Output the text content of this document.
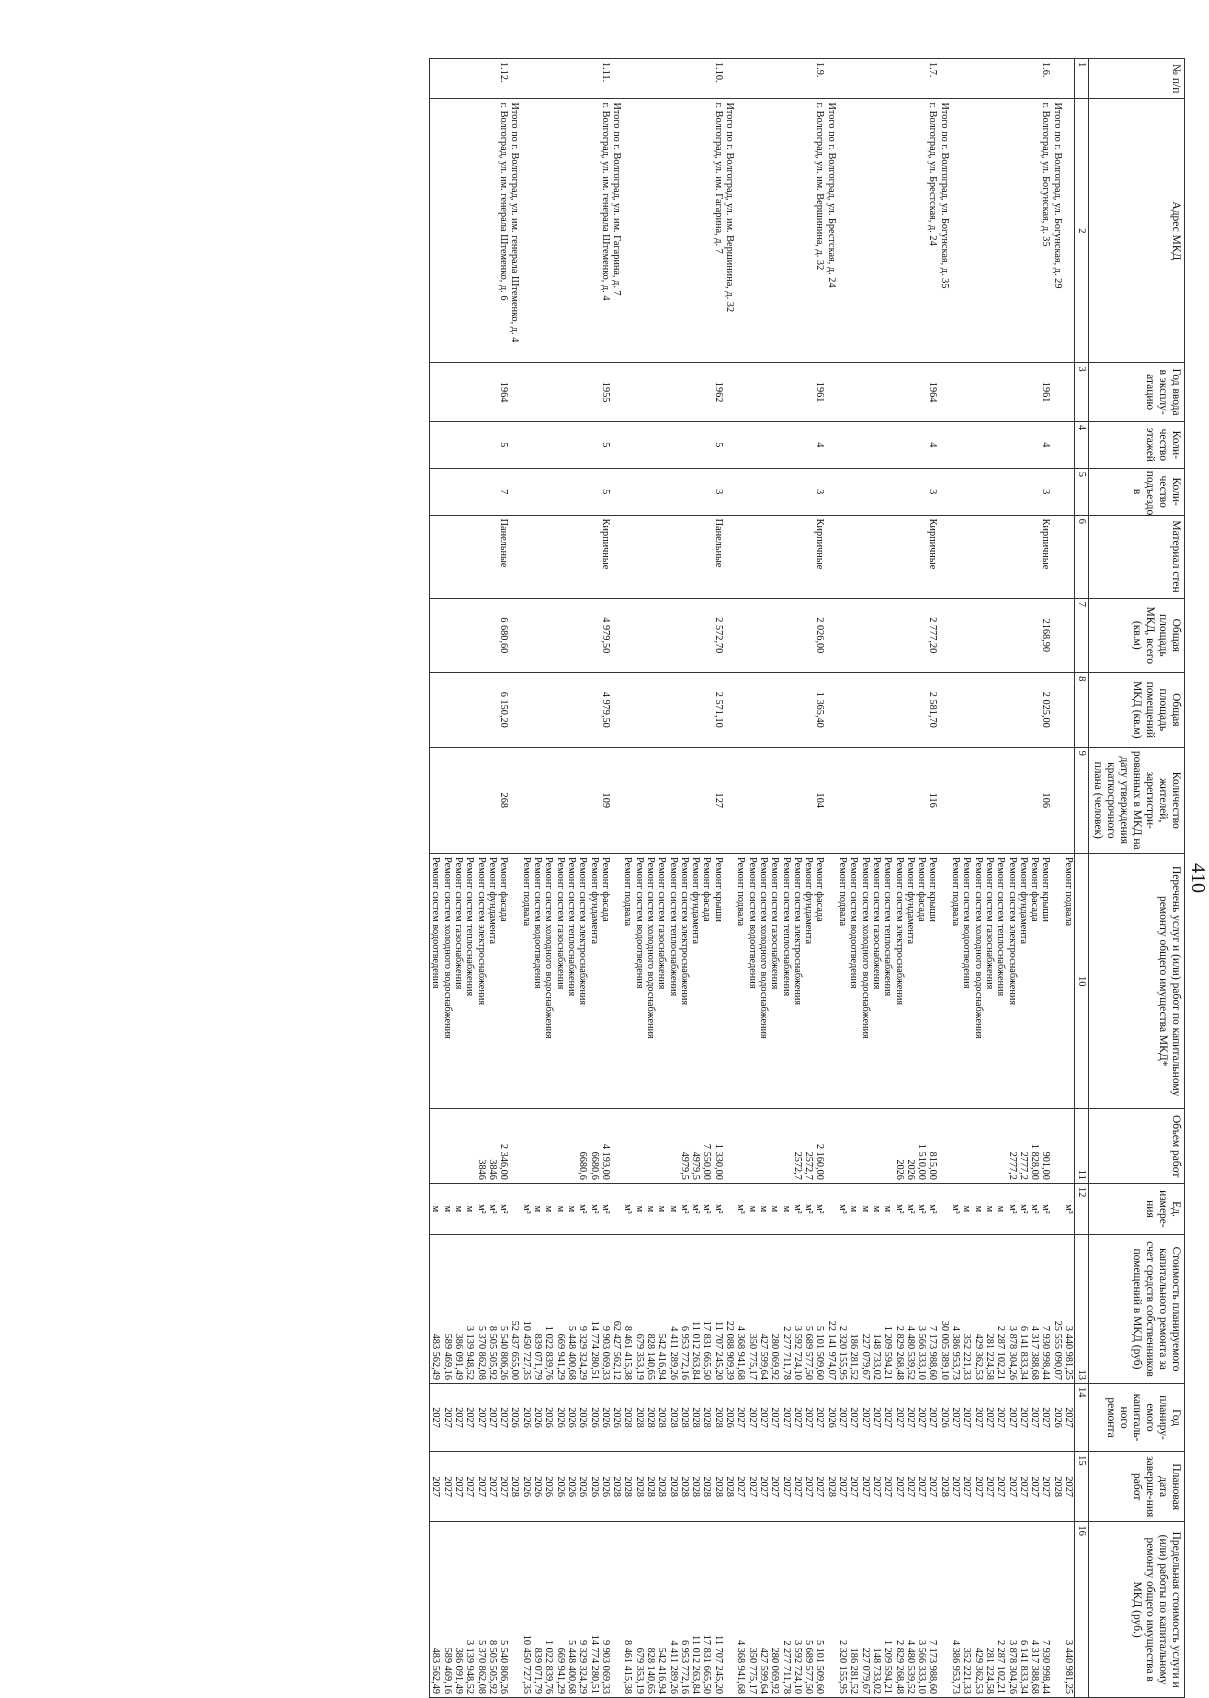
410
№ п/п	Адрес МКД	Год ввода в эксплу-атацию	Коли-чество этажей	Коли-чество подъездо в	Материал стен	Общая площадь МКД, всего (кв.м)	Общая площадь помещений МКД (кв.м)	Количество жителей, зарегистри-рованных в МКД на дату утверждения краткосрочного плана (человек)	Перечень услуг и (или) работ по капитальному ремонту общего имущества МКД*	Объем работ	Ед. измере-ния	Стоимость планируемого капитального ремонта за счет средств собственников помещений в МКД (руб)	Год планиру-емого капиталь-ного ремонта	Плановая дата заверше-ния работ	Предельная стоимость услуги и (или) работы по капитальному ремонту общего имущества в МКД (руб.)
1	2	3	4	5	6	7	8	9	10	11	12	13	14	15	16
									Ремонт подвала		м³	3 440 981,25	2027	2027	3 440 981,25
	Итого по г. Волгоград, ул. Богунская, д. 29											25 555 090,07	2026	2028	
1.6.	г. Волгоград, ул. Богунская, д. 35	1961	4	3	Кирпичные	2168,90	2 025,00	106	Ремонт крыши	901,00	м²	7 930 998,44	2027	2027	7 930 998,44
									Ремонт фасада	1 828,00	м²	4 317 388,68	2027	2027	4 317 388,68
									Ремонт фундамента	2777,2	м²	6 141 833,34	2027	2027	6 141 833,34
									Ремонт систем электроснабжения	2777,2	м²	3 878 304,26	2027	2027	3 878 304,26
									Ремонт систем теплоснабжения		м	2 287 102,21	2027	2027	2 287 102,21
									Ремонт систем газоснабжения		м	281 224,58	2027	2027	281 224,58
									Ремонт систем холодного водоснабжения		м	429 362,53	2027	2027	429 362,53
									Ремонт систем водоотведения		м	352 221,33	2027	2027	352 221,33
									Ремонт подвала		м³	4 386 953,73	2027	2027	4 386 953,73
	Итого по г. Волгоград, ул. Богунская, д. 35											30 005 389,10	2026	2028	
1.7.	г. Волгоград, ул. Брестская, д. 24	1964	4	3	Кирпичные	2 777,20	2 581,70	116	Ремонт крыши	815,00	м²	7 173 988,60	2027	2027	7 173 988,60
									Ремонт фасада	1 510,00	м²	3 566 333,10	2027	2027	3 566 333,10
									Ремонт фундамента	2026	м²	4 480 539,52	2027	2027	4 480 539,52
									Ремонт систем электроснабжения	2026	м²	2 829 268,48	2027	2027	2 829 268,48
									Ремонт систем теплоснабжения		м	1 209 594,21	2027	2027	1 209 594,21
									Ремонт систем газоснабжения		м	148 733,02	2027	2027	148 733,02
									Ремонт систем холодного водоснабжения		м	227 079,67	2027	2027	227 079,67
									Ремонт систем водоотведения		м	186 281,52	2027	2027	186 281,52
									Ремонт подвала		м³	2 320 155,95	2027	2027	2 320 155,95
	Итого по г. Волгоград, ул. Брестская, д. 24											22 141 974,07	2026	2028	
1.9.	г. Волгоград, ул. им. Вершинина, д. 32	1961	4	3	Кирпичные	2 026,00	1 365,40	104	Ремонт фасада	2 160,00	м²	5 101 509,60	2027	2027	5 101 509,60
									Ремонт фундамента	2572,7	м²	5 689 577,50	2027	2027	5 689 577,50
									Ремонт систем электроснабжения	2572,7	м²	3 592 724,10	2027	2027	3 592 724,10
									Ремонт систем теплоснабжения		м	2 277 711,78	2027	2027	2 277 711,78
									Ремонт систем газоснабжения		м	280 069,92	2027	2027	280 069,92
									Ремонт систем холодного водоснабжения		м	427 599,64	2027	2027	427 599,64
									Ремонт систем водоотведения		м	350 775,17	2027	2027	350 775,17
									Ремонт подвала		м³	4 368 941,68	2027	2027	4 368 941,68
	Итого по г. Волгоград, ул. им. Вершинина, д. 32											22 088 909,39	2026	2028	
1.10.	г. Волгоград, ул. им. Гагарина, д. 7	1962	5	3	Панельные	2 572,70	2 571,10	127	Ремонт крыши	1 330,00	м²	11 707 245,20	2028	2028	11 707 245,20
									Ремонт фасада	7 550,00	м²	17 831 665,50	2028	2028	17 831 665,50
									Ремонт фундамента	4979,5	м²	11 012 263,84	2028	2028	11 012 263,84
									Ремонт систем электроснабжения	4979,5	м²	6 953 772,16	2028	2028	6 953 772,16
									Ремонт систем теплоснабжения		м	4 411 289,26	2028	2028	4 411 289,26
									Ремонт систем газоснабжения		м	542 416,94	2028	2028	542 416,94
									Ремонт систем холодного водоснабжения		м	828 140,65	2028	2028	828 140,65
									Ремонт систем водоотведения		м	679 353,19	2028	2028	679 353,19
									Ремонт подвала		м³	8 461 415,38	2028	2028	8 461 415,38
	Итого по г. Волгоград, ул. им. Гагарина, д. 7											62 427 562,12	2026	2028	
1.11.	г. Волгоград, ул. им. генерала Штеменко, д. 4	1955	5	5	Кирпичные	4 979,50	4 979,50	109	Ремонт фасада	4 193,00	м²	9 903 069,33	2026	2026	9 903 069,33
									Ремонт фундамента	6680,6	м²	14 774 280,51	2026	2026	14 774 280,51
									Ремонт систем электроснабжения	6680,6	м²	9 329 324,29	2026	2026	9 329 324,29
									Ремонт систем теплоснабжения		м	5 448 400,68	2026	2026	5 448 400,68
									Ремонт систем газоснабжения		м	669 941,29	2026	2026	669 941,29
									Ремонт систем холодного водоснабжения		м	1 022 839,76	2026	2026	1 022 839,76
									Ремонт систем водоотведения		м	839 071,79	2026	2026	839 071,79
									Ремонт подвала		м³	10 450 727,35	2026	2026	10 450 727,35
	Итого по г. Волгоград, ул. им. генерала Штеменко, д. 4											52 437 655,00	2026	2028	
1.12.	г. Волгоград, ул. им. генерала Штеменко, д. 6	1964	5	7	Панельные	6 680,60	6 150,20	268	Ремонт фасада	2 346,00	м²	5 540 806,26	2027	2027	5 540 806,26
									Ремонт фундамента	3846	м²	8 505 505,92	2027	2027	8 505 505,92
									Ремонт систем электроснабжения	3846	м²	5 370 862,08	2027	2027	5 370 862,08
									Ремонт систем теплоснабжения		м	3 139 948,52	2027	2027	3 139 948,52
									Ремонт систем газоснабжения		м	386 091,49	2027	2027	386 091,49
									Ремонт систем холодного водоснабжения		м	589 469,16	2027	2027	589 469,16
									Ремонт систем водоотведения		м	483 562,49	2027	2027	483 562,49
